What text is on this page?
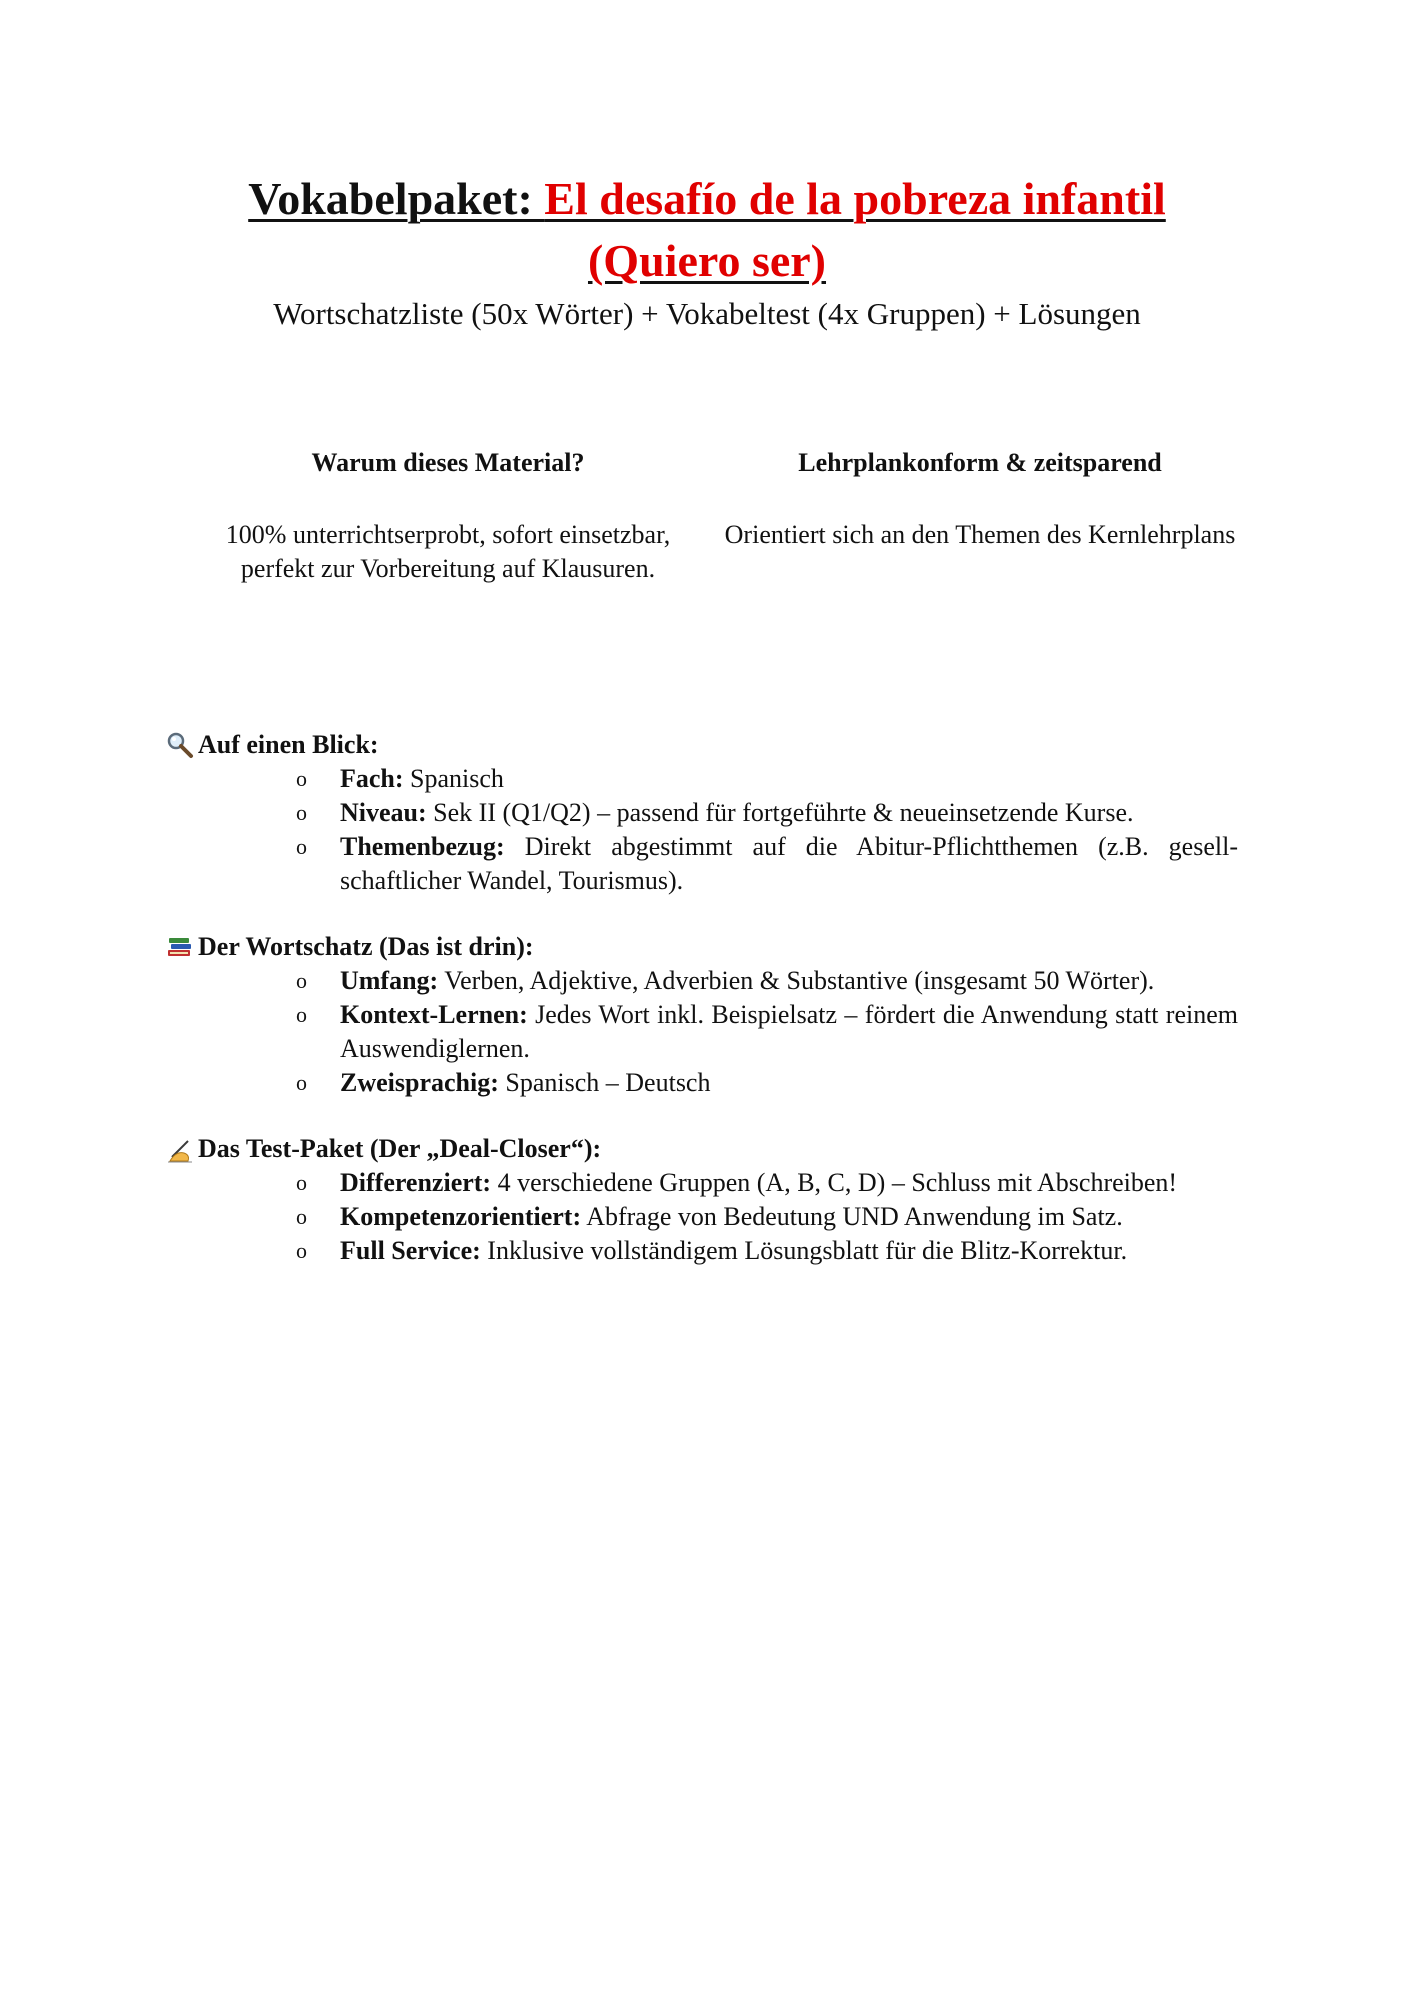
Vokabelpaket: El desafío de la pobreza infantil
(Quiero ser)
Wortschatzliste (50x Wörter) + Vokabeltest (4x Gruppen) + Lösungen
Warum dieses Material?

100% unterrichtserprobt, sofort einsetzbar, perfekt zur Vorbereitung auf Klausuren.

Lehrplankonform & zeitsparend

Orientiert sich an den Themen des Kernlehrplans

Auf einen Blick:
o Fach: Spanisch
o Niveau: Sek II (Q1/Q2) – passend für fortgeführte & neueinsetzende Kurse.
o Themenbezug: Direkt abgestimmt auf die Abitur-Pflichtthemen (z.B. gesellschaftlicher Wandel, Tourismus).
Der Wortschatz (Das ist drin):
o Umfang: Verben, Adjektive, Adverbien & Substantive (insgesamt 50 Wörter).
o Kontext-Lernen: Jedes Wort inkl. Beispielsatz – fördert die Anwendung statt reinem Auswendiglernen.
o Zweisprachig: Spanisch – Deutsch
Das Test-Paket (Der „Deal-Closer“):
o Differenziert: 4 verschiedene Gruppen (A, B, C, D) – Schluss mit Abschreiben!
o Kompetenzorientiert: Abfrage von Bedeutung UND Anwendung im Satz.
o Full Service: Inklusive vollständigem Lösungsblatt für die Blitz-Korrektur.
